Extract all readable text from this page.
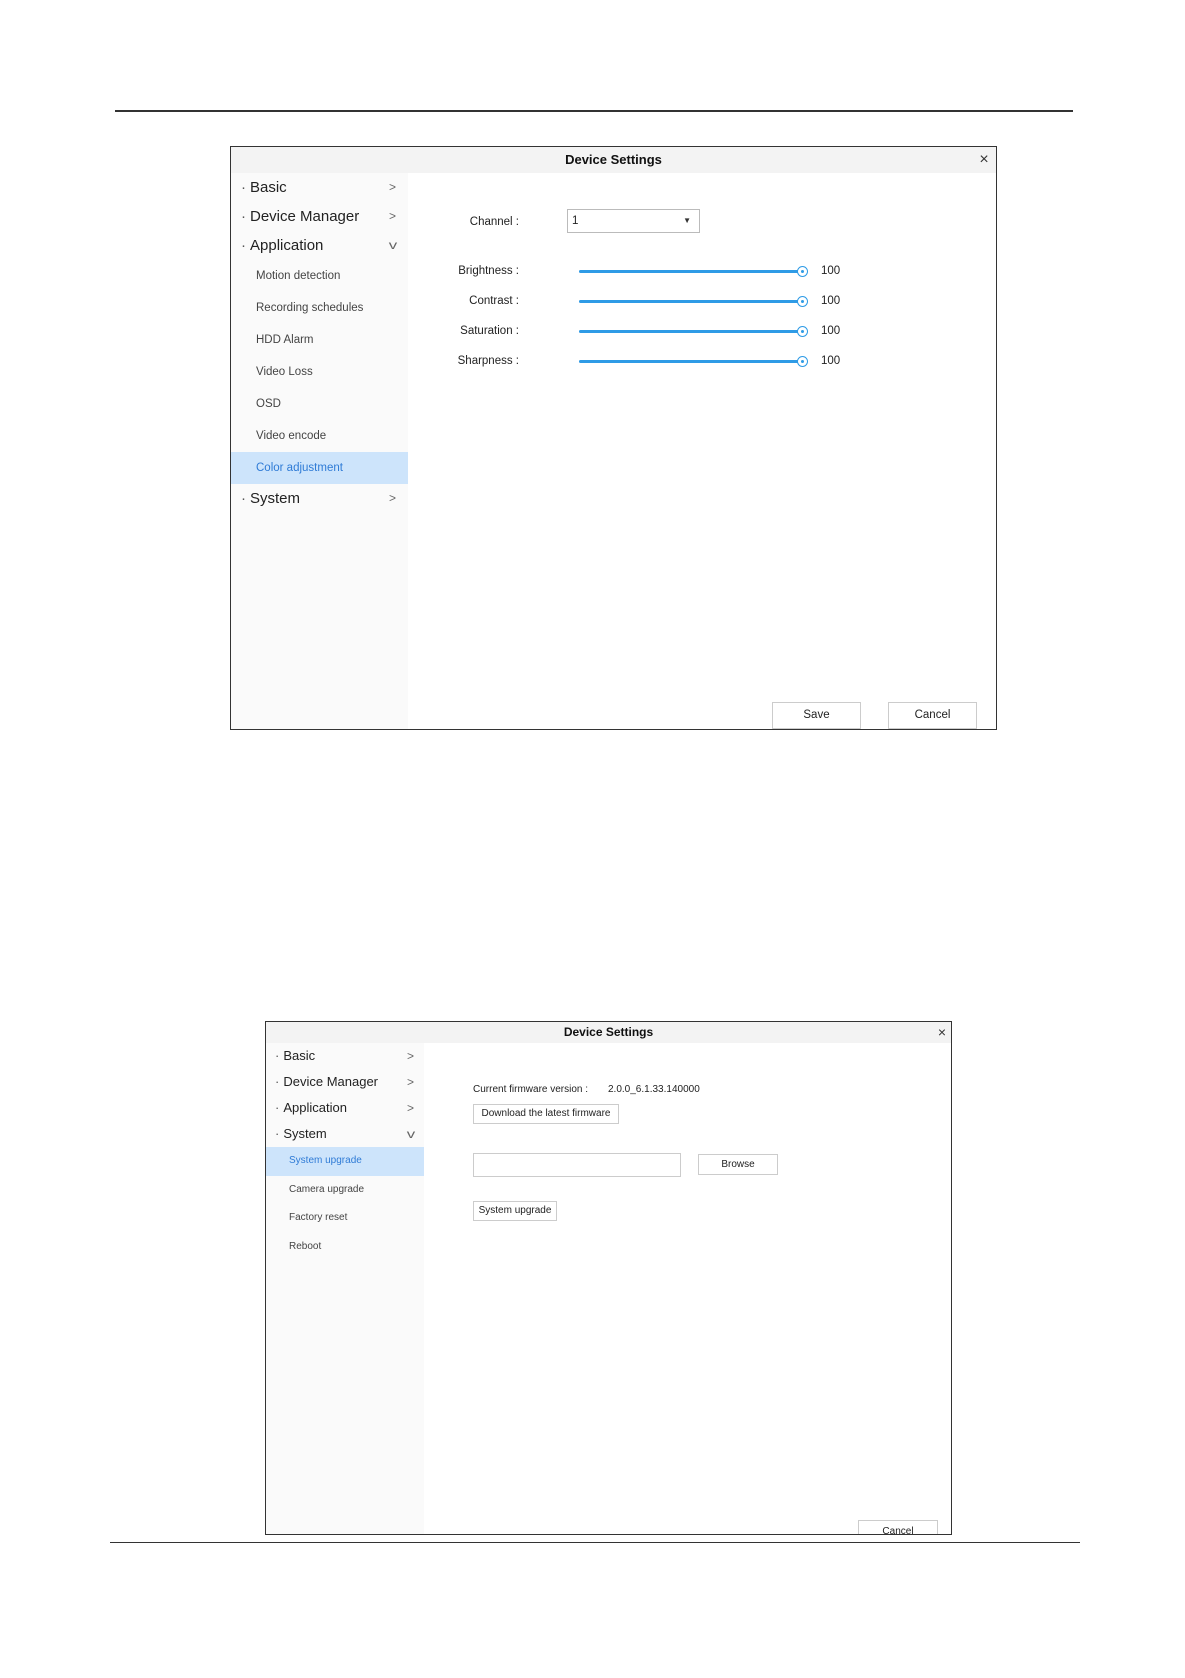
Device Settings	×
· Basic	>
· Device Manager >
· Application	v
Motion detection
Recording schedules
HDD Alarm
Video Loss
OSD
Video encode
Color adjustment
· System	>
Channel :	1	▼
Brightness :	100
Contrast :	100
Saturation :	100
Sharpness :	100
Save	Cancel
Device Settings	×
· Basic	>
· Device Manager >
· Application	>
· System	v
System upgrade
Camera upgrade
Factory reset
Reboot
Current firmware version : 2.0.0_6.1.33.140000
Download the latest firmware
Browse
System upgrade
Cancel
